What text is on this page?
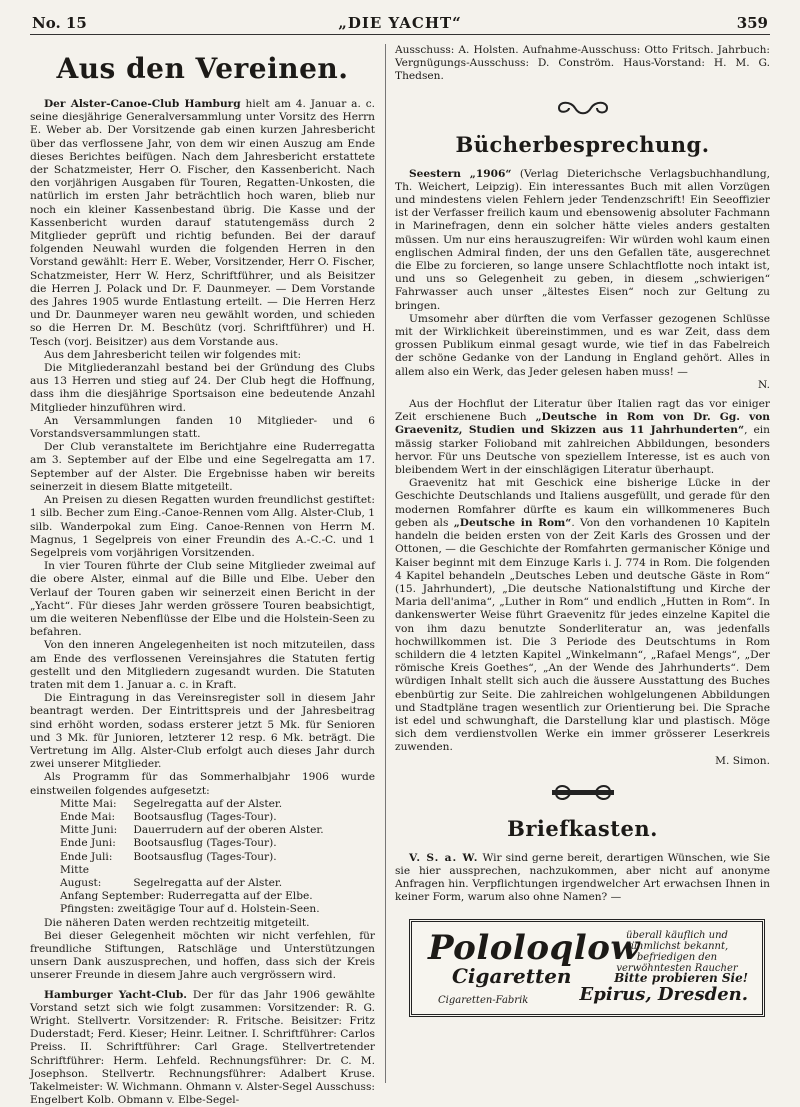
No. 15	„DIE YACHT“	359
Aus den Vereinen.

Der Alster-Canoe-Club Hamburg hielt am 4. Januar a. c. seine diesjährige Generalversammlung unter Vorsitz des Herrn E. Weber ab. Der Vorsitzende gab einen kurzen Jahresbericht über das verflossene Jahr, von dem wir einen Auszug am Ende dieses Berichtes beifügen. Nach dem Jahresbericht erstattete der Schatzmeister, Herr O. Fischer, den Kassenbericht. Nach den vorjährigen Ausgaben für Touren, Regatten-Unkosten, die natürlich im ersten Jahr beträchtlich hoch waren, blieb nur noch ein kleiner Kassenbestand übrig. Die Kasse und der Kassenbericht wurden darauf statutengemäss durch 2 Mitglieder geprüft und richtig befunden. Bei der darauf folgenden Neuwahl wurden die folgenden Herren in den Vorstand gewählt: Herr E. Weber, Vorsitzender, Herr O. Fischer, Schatzmeister, Herr W. Herz, Schriftführer, und als Beisitzer die Herren J. Polack und Dr. F. Daunmeyer. — Dem Vorstande des Jahres 1905 wurde Entlastung erteilt. — Die Herren Herz und Dr. Daunmeyer waren neu gewählt worden, und schieden so die Herren Dr. M. Beschütz (vorj. Schriftführer) und H. Tesch (vorj. Beisitzer) aus dem Vorstande aus.

Aus dem Jahresbericht teilen wir folgendes mit:

Die Mitgliederanzahl bestand bei der Gründung des Clubs aus 13 Herren und stieg auf 24. Der Club hegt die Hoffnung, dass ihm die diesjährige Sportsaison eine bedeutende Anzahl Mitglieder hinzuführen wird.

An Versammlungen fanden 10 Mitglieder- und 6 Vorstandsversammlungen statt.

Der Club veranstaltete im Berichtjahre eine Ruderregatta am 3. September auf der Elbe und eine Segelregatta am 17. September auf der Alster. Die Ergebnisse haben wir bereits seinerzeit in diesem Blatte mitgeteilt.

An Preisen zu diesen Regatten wurden freundlichst gestiftet: 1 silb. Becher zum Eing.-Canoe-Rennen vom Allg. Alster-Club, 1 silb. Wanderpokal zum Eing. Canoe-Rennen von Herrn M. Magnus, 1 Segelpreis von einer Freundin des A.-C.-C. und 1 Segelpreis vom vorjährigen Vorsitzenden.

In vier Touren führte der Club seine Mitglieder zweimal auf die obere Alster, einmal auf die Bille und Elbe. Ueber den Verlauf der Touren gaben wir seinerzeit einen Bericht in der „Yacht“. Für dieses Jahr werden grössere Touren beabsichtigt, um die weiteren Nebenflüsse der Elbe und die Holstein-Seen zu befahren.

Von den inneren Angelegenheiten ist noch mitzuteilen, dass am Ende des verflossenen Vereinsjahres die Statuten fertig gestellt und den Mitgliedern zugesandt wurden. Die Statuten traten mit dem 1. Januar a. c. in Kraft.

Die Eintragung in das Vereinsregister soll in diesem Jahr beantragt werden. Der Eintrittspreis und der Jahresbeitrag sind erhöht worden, sodass ersterer jetzt 5 Mk. für Senioren und 3 Mk. für Junioren, letzterer 12 resp. 6 Mk. beträgt. Die Vertretung im Allg. Alster-Club erfolgt auch dieses Jahr durch zwei unserer Mitglieder.

Als Programm für das Sommerhalbjahr 1906 wurde einstweilen folgendes aufgesetzt:

Mitte Mai: Segelregatta auf der Alster.

Ende Mai: Bootsausflug (Tages-Tour).

Mitte Juni: Dauerrudern auf der oberen Alster.

Ende Juni: Bootsausflug (Tages-Tour).

Ende Juli: Bootsausflug (Tages-Tour).

Mitte August:	Segelregatta auf der Alster.

Anfang September: Ruderregatta auf der Elbe.

Pfingsten: zweitägige Tour auf d. Holstein-Seen.

Die näheren Daten werden rechtzeitig mitgeteilt.

Bei dieser Gelegenheit möchten wir nicht verfehlen, für freundliche Stiftungen, Ratschläge und Unterstützungen unsern Dank auszusprechen, und hoffen, dass sich der Kreis unserer Freunde in diesem Jahre auch vergrössern wird.

Hamburger Yacht-Club. Der für das Jahr 1906 gewählte Vorstand setzt sich wie folgt zusammen: Vorsitzender: R. G. Wright. Stellvertr. Vorsitzender: R. Fritsche. Beisitzer: Fritz Duderstadt; Ferd. Kieser; Heinr. Leitner. I. Schriftführer: Carlos Preiss. II. Schriftführer: Carl Grage. Stellvertretender Schriftführer: Herm. Lehfeld. Rechnungsführer: Dr. C. M. Josephson. Stellvertr. Rechnungsführer: Adalbert Kruse. Takelmeister: W. Wichmann. Ohmann v. Alster-Segel Ausschuss: Engelbert Kolb. Obmann v. Elbe-Segel-

Ausschuss: A. Holsten. Aufnahme-Ausschuss: Otto Fritsch. Jahrbuch: Vergnügungs-Ausschuss: D. Conström. Haus-Vorstand: H. M. G. Thedsen.

Bücherbesprechung.

Seestern „1906“ (Verlag Dieterichsche Verlagsbuchhandlung, Th. Weichert, Leipzig). Ein interessantes Buch mit allen Vorzügen und mindestens vielen Fehlern jeder Tendenzschrift! Ein Seeoffizier ist der Verfasser freilich kaum und ebensowenig absoluter Fachmann in Marinefragen, denn ein solcher hätte vieles anders gestalten müssen. Um nur eins herauszugreifen: Wir würden wohl kaum einen englischen Admiral finden, der uns den Gefallen täte, ausgerechnet die Elbe zu forcieren, so lange unsere Schlachtflotte noch intakt ist, und uns so Gelegenheit zu geben, in diesem „schwierigen“ Fahrwasser auch unser „ältestes Eisen“ noch zur Geltung zu bringen.

Umsomehr aber dürften die vom Verfasser gezogenen Schlüsse mit der Wirklichkeit übereinstimmen, und es war Zeit, dass dem grossen Publikum einmal gesagt wurde, wie tief in das Fabelreich der schöne Gedanke von der Landung in England gehört. Alles in allem also ein Werk, das Jeder gelesen haben muss! —

N.

Aus der Hochflut der Literatur über Italien ragt das vor einiger Zeit erschienene Buch „Deutsche in Rom von Dr. Gg. von Graevenitz, Studien und Skizzen aus 11 Jahrhunderten“, ein mässig starker Folioband mit zahlreichen Abbildungen, besonders hervor. Für uns Deutsche von speziellem Interesse, ist es auch von bleibendem Wert in der einschlägigen Literatur überhaupt.

Graevenitz hat mit Geschick eine bisherige Lücke in der Geschichte Deutschlands und Italiens ausgefüllt, und gerade für den modernen Romfahrer dürfte es kaum ein willkommeneres Buch geben als „Deutsche in Rom“. Von den vorhandenen 10 Kapiteln handeln die beiden ersten von der Zeit Karls des Grossen und der Ottonen, — die Geschichte der Romfahrten germanischer Könige und Kaiser beginnt mit dem Einzuge Karls i. J. 774 in Rom. Die folgenden 4 Kapitel behandeln „Deutsches Leben und deutsche Gäste in Rom“ (15. Jahrhundert), „Die deutsche Nationalstiftung und Kirche der Maria dell'anima“, „Luther in Rom“ und endlich „Hutten in Rom“. In dankenswerter Weise führt Graevenitz für jedes einzelne Kapitel die von ihm dazu benutzte Sonderliteratur an, was jedenfalls hochwillkommen ist. Die 3 Periode des Deutschtums in Rom schildern die 4 letzten Kapitel „Winkelmann“, „Rafael Mengs“, „Der römische Kreis Goethes“, „An der Wende des Jahrhunderts“. Dem würdigen Inhalt stellt sich auch die äussere Ausstattung des Buches ebenbürtig zur Seite. Die zahlreichen wohlgelungenen Abbildungen und Stadtpläne tragen wesentlich zur Orientierung bei. Die Sprache ist edel und schwunghaft, die Darstellung klar und plastisch. Möge sich dem verdienstvollen Werke ein immer grösserer Leserkreis zuwenden.

M. Simon.
Briefkasten.

V. S. a. W. Wir sind gerne bereit, derartigen Wünschen, wie Sie sie hier aussprechen, nachzukommen, aber nicht auf anonyme Anfragen hin. Verpflichtungen irgendwelcher Art erwachsen Ihnen in keiner Form, warum also ohne Namen? —

Pololoqlow
Cigaretten
Cigaretten-Fabrik
überall käuflich und rühmlichst bekannt, befriedigen den verwöhntesten Raucher
Bitte probieren Sie!
Epirus, Dresden.
